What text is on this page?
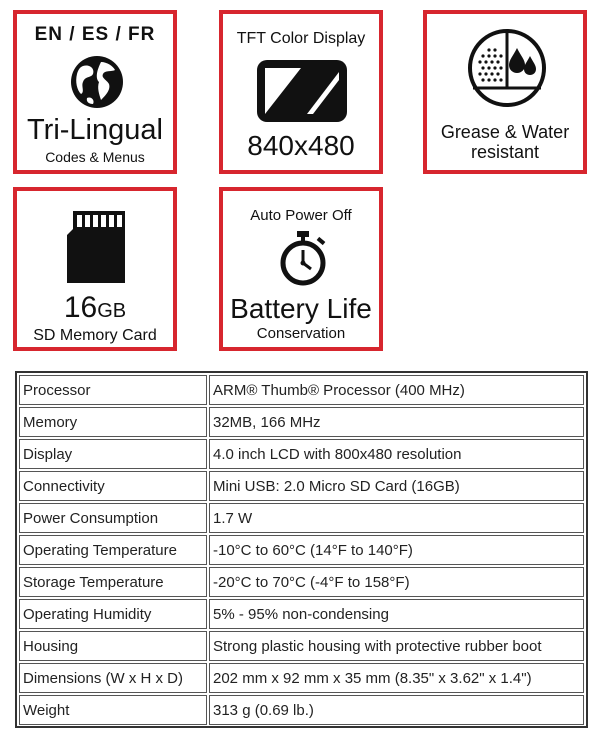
EN / ES / FR
Tri-Lingual
Codes & Menus
TFT Color Display
840x480	Grease & Water
resistant
16GB
SD Memory Card
Auto Power Off
Battery Life
Conservation
Processor	ARM® Thumb® Processor (400 MHz)
Memory	32MB, 166 MHz
Display	4.0 inch LCD with 800x480 resolution
Connectivity	Mini USB: 2.0 Micro SD Card (16GB)
Power Consumption	1.7 W
Operating Temperature	-10°C to 60°C (14°F to 140°F)
Storage Temperature	-20°C to 70°C (-4°F to 158°F)
Operating Humidity	5% - 95% non-condensing
Housing	Strong plastic housing with protective rubber boot
Dimensions (W x H x D)	202 mm x 92 mm x 35 mm (8.35" x 3.62" x 1.4")
Weight	313 g (0.69 lb.)
